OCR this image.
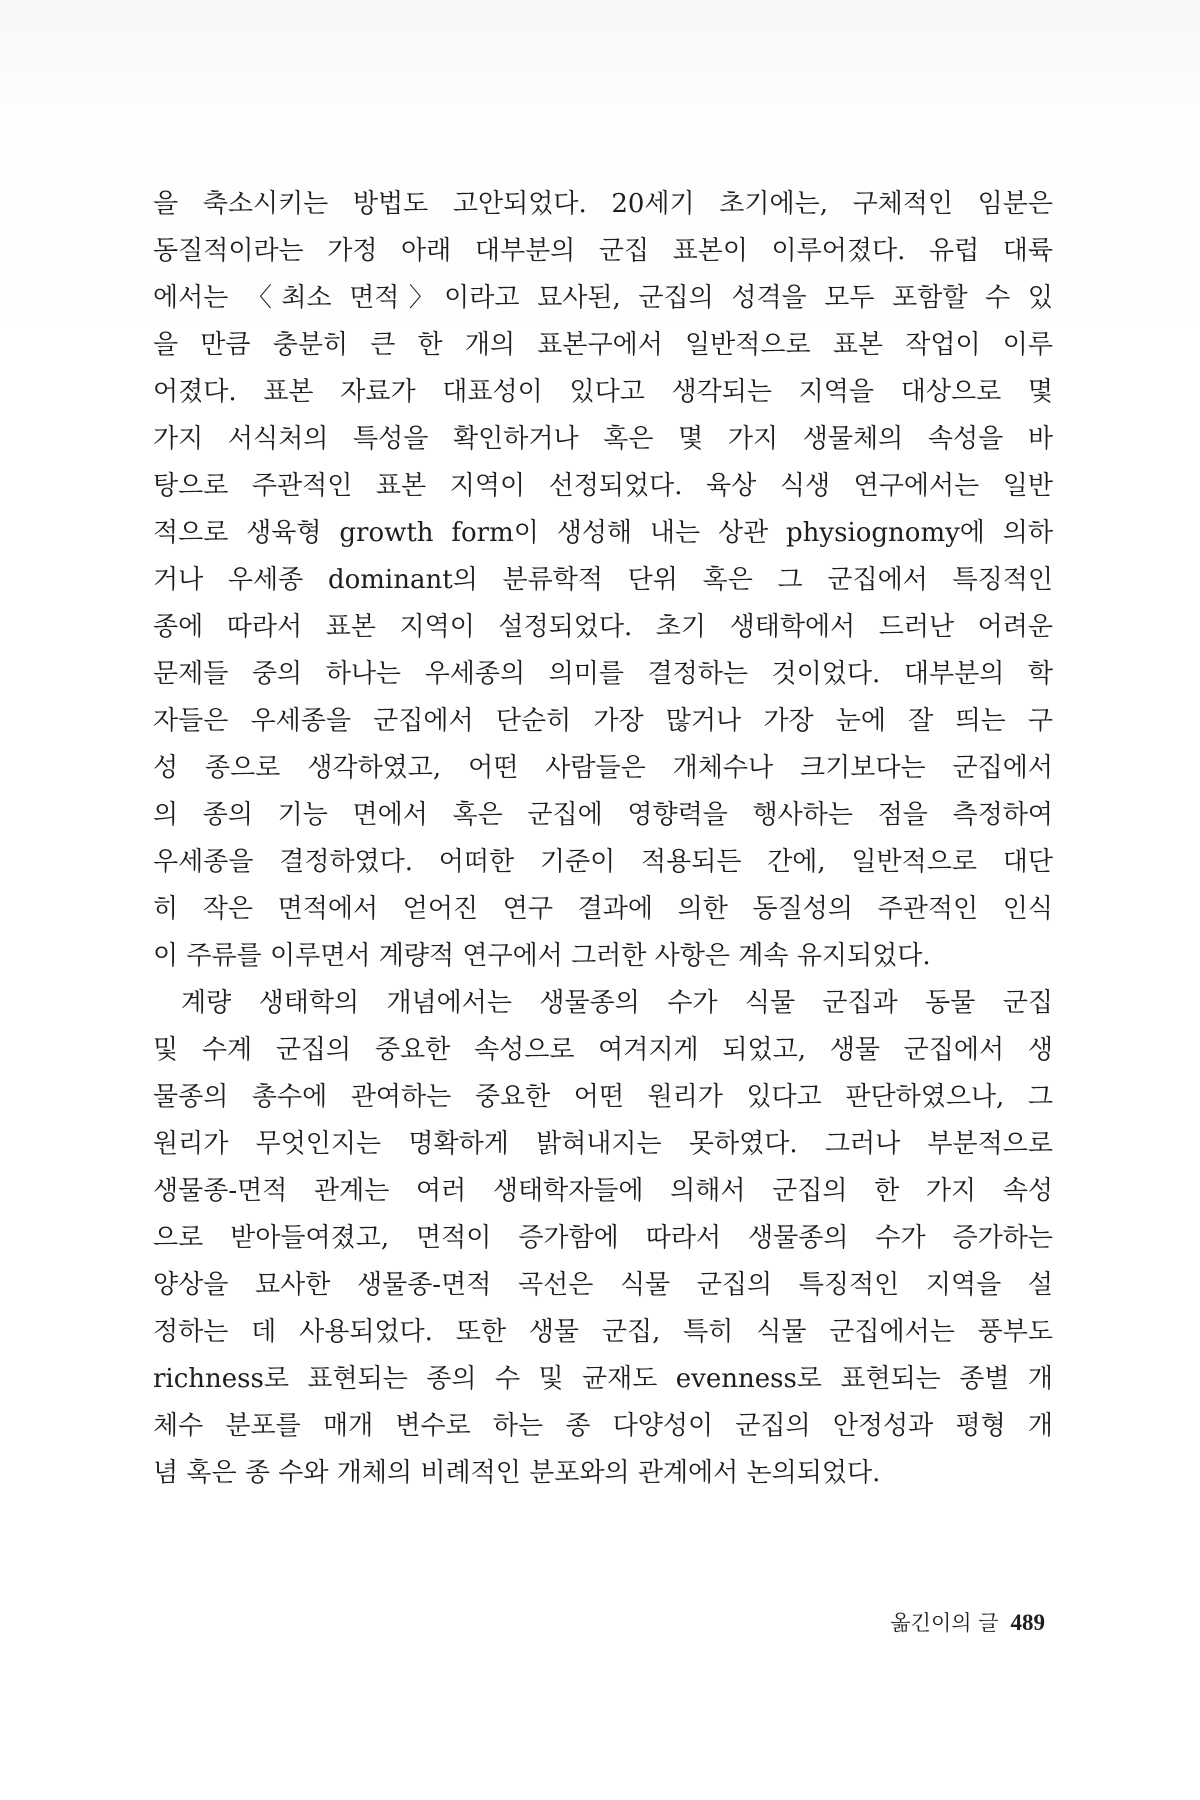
을 축소시키는 방법도 고안되었다. 20세기 초기에는, 구체적인 임분은
동질적이라는 가정 아래 대부분의 군집 표본이 이루어졌다. 유럽 대륙
에서는 〈최소 면적〉이라고 묘사된, 군집의 성격을 모두 포함할 수 있
을 만큼 충분히 큰 한 개의 표본구에서 일반적으로 표본 작업이 이루
어졌다. 표본 자료가 대표성이 있다고 생각되는 지역을 대상으로 몇
가지 서식처의 특성을 확인하거나 혹은 몇 가지 생물체의 속성을 바
탕으로 주관적인 표본 지역이 선정되었다. 육상 식생 연구에서는 일반
적으로 생육형 growth form이 생성해 내는 상관 physiognomy에 의하
거나 우세종 dominant의 분류학적 단위 혹은 그 군집에서 특징적인
종에 따라서 표본 지역이 설정되었다. 초기 생태학에서 드러난 어려운
문제들 중의 하나는 우세종의 의미를 결정하는 것이었다. 대부분의 학
자들은 우세종을 군집에서 단순히 가장 많거나 가장 눈에 잘 띄는 구
성 종으로 생각하였고, 어떤 사람들은 개체수나 크기보다는 군집에서
의 종의 기능 면에서 혹은 군집에 영향력을 행사하는 점을 측정하여
우세종을 결정하였다. 어떠한 기준이 적용되든 간에, 일반적으로 대단
히 작은 면적에서 얻어진 연구 결과에 의한 동질성의 주관적인 인식
이 주류를 이루면서 계량적 연구에서 그러한 사항은 계속 유지되었다.
계량 생태학의 개념에서는 생물종의 수가 식물 군집과 동물 군집
및 수계 군집의 중요한 속성으로 여겨지게 되었고, 생물 군집에서 생
물종의 총수에 관여하는 중요한 어떤 원리가 있다고 판단하였으나, 그
원리가 무엇인지는 명확하게 밝혀내지는 못하였다. 그러나 부분적으로
생물종-면적 관계는 여러 생태학자들에 의해서 군집의 한 가지 속성
으로 받아들여졌고, 면적이 증가함에 따라서 생물종의 수가 증가하는
양상을 묘사한 생물종-면적 곡선은 식물 군집의 특징적인 지역을 설
정하는 데 사용되었다. 또한 생물 군집, 특히 식물 군집에서는 풍부도
richness로 표현되는 종의 수 및 균재도 evenness로 표현되는 종별 개
체수 분포를 매개 변수로 하는 종 다양성이 군집의 안정성과 평형 개
념 혹은 종 수와 개체의 비례적인 분포와의 관계에서 논의되었다.
옮긴이의 글 489
